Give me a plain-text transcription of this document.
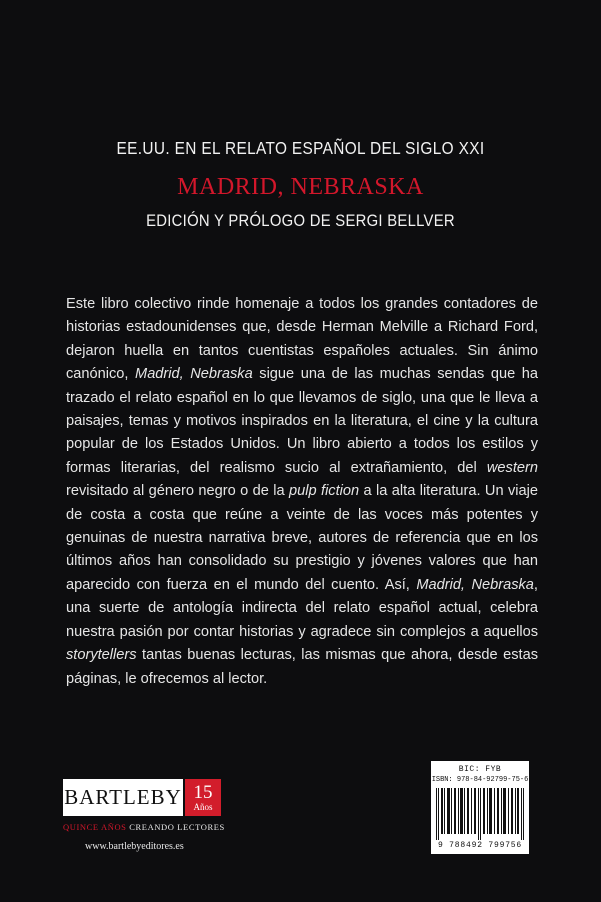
EE.UU. EN EL RELATO ESPAÑOL DEL SIGLO XXI
MADRID, NEBRASKA
EDICIÓN Y PRÓLOGO DE SERGI BELLVER

Este libro colectivo rinde homenaje a todos los grandes contadores de historias estadounidenses que, desde Herman Melville a Richard Ford, dejaron huella en tantos cuentistas españoles actuales. Sin ánimo canónico, Madrid, Nebraska sigue una de las muchas sendas que ha trazado el relato español en lo que llevamos de siglo, una que le lleva a paisajes, temas y motivos inspirados en la literatura, el cine y la cultura popular de los Estados Unidos. Un libro abierto a todos los estilos y formas literarias, del realismo sucio al extrañamiento, del western revisitado al género negro o de la pulp fiction a la alta literatura. Un viaje de costa a costa que reúne a veinte de las voces más potentes y genuinas de nuestra narrativa breve, autores de referencia que en los últimos años han consolidado su prestigio y jóvenes valores que han aparecido con fuerza en el mundo del cuento. Así, Madrid, Nebraska, una suerte de antología indirecta del relato español actual, celebra nuestra pasión por contar historias y agradece sin complejos a aquellos storytellers tantas buenas lecturas, las mismas que ahora, desde estas páginas, le ofrecemos al lector.

BARTLEBY 15
Años
QUINCE AÑOS CREANDO LECTORES
www.bartlebyeditores.es
BIC: FYB
ISBN: 978-84-92799-75-6
9 788492 799756
